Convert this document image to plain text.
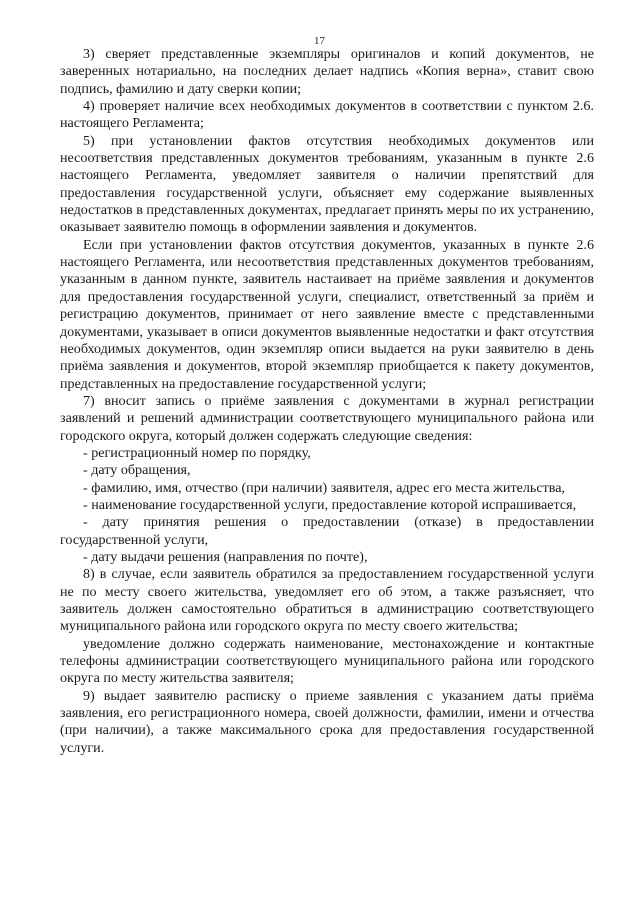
17

3) сверяет представленные экземпляры оригиналов и копий документов, не заверенных нотариально, на последних делает надпись «Копия верна», ставит свою подпись, фамилию и дату сверки копии;

4) проверяет наличие всех необходимых документов в соответствии с пунктом 2.6. настоящего Регламента;

5) при установлении фактов отсутствия необходимых документов или несоответствия представленных документов требованиям, указанным в пункте 2.6 настоящего Регламента, уведомляет заявителя о наличии препятствий для предоставления государственной услуги, объясняет ему содержание выявленных недостатков в представленных документах, предлагает принять меры по их устранению, оказывает заявителю помощь в оформлении заявления и документов.

Если при установлении фактов отсутствия документов, указанных в пункте 2.6 настоящего Регламента, или несоответствия представленных документов требованиям, указанным в данном пункте, заявитель настаивает на приёме заявления и документов для предоставления государственной услуги, специалист, ответственный за приём и регистрацию документов, принимает от него заявление вместе с представленными документами, указывает в описи документов выявленные недостатки и факт отсутствия необходимых документов, один экземпляр описи выдается на руки заявителю в день приёма заявления и документов, второй экземпляр приобщается к пакету документов, представленных на предоставление государственной услуги;

7) вносит запись о приёме заявления с документами в журнал регистрации заявлений и решений администрации соответствующего муниципального района или городского округа, который должен содержать следующие сведения:

- регистрационный номер по порядку,

- дату обращения,

- фамилию, имя, отчество (при наличии) заявителя, адрес его места жительства,

- наименование государственной услуги, предоставление которой испрашивается,

- дату принятия решения о предоставлении (отказе) в предоставлении государственной услуги,

- дату выдачи решения (направления по почте),

8) в случае, если заявитель обратился за предоставлением государственной услуги не по месту своего жительства, уведомляет его об этом, а также разъясняет, что заявитель должен самостоятельно обратиться в администрацию соответствующего муниципального района или городского округа по месту своего жительства;

уведомление должно содержать наименование, местонахождение и контактные телефоны администрации соответствующего муниципального района или городского округа по месту жительства заявителя;

9) выдает заявителю расписку о приеме заявления с указанием даты приёма заявления, его регистрационного номера, своей должности, фамилии, имени и отчества (при наличии), а также максимального срока для предоставления государственной услуги.
